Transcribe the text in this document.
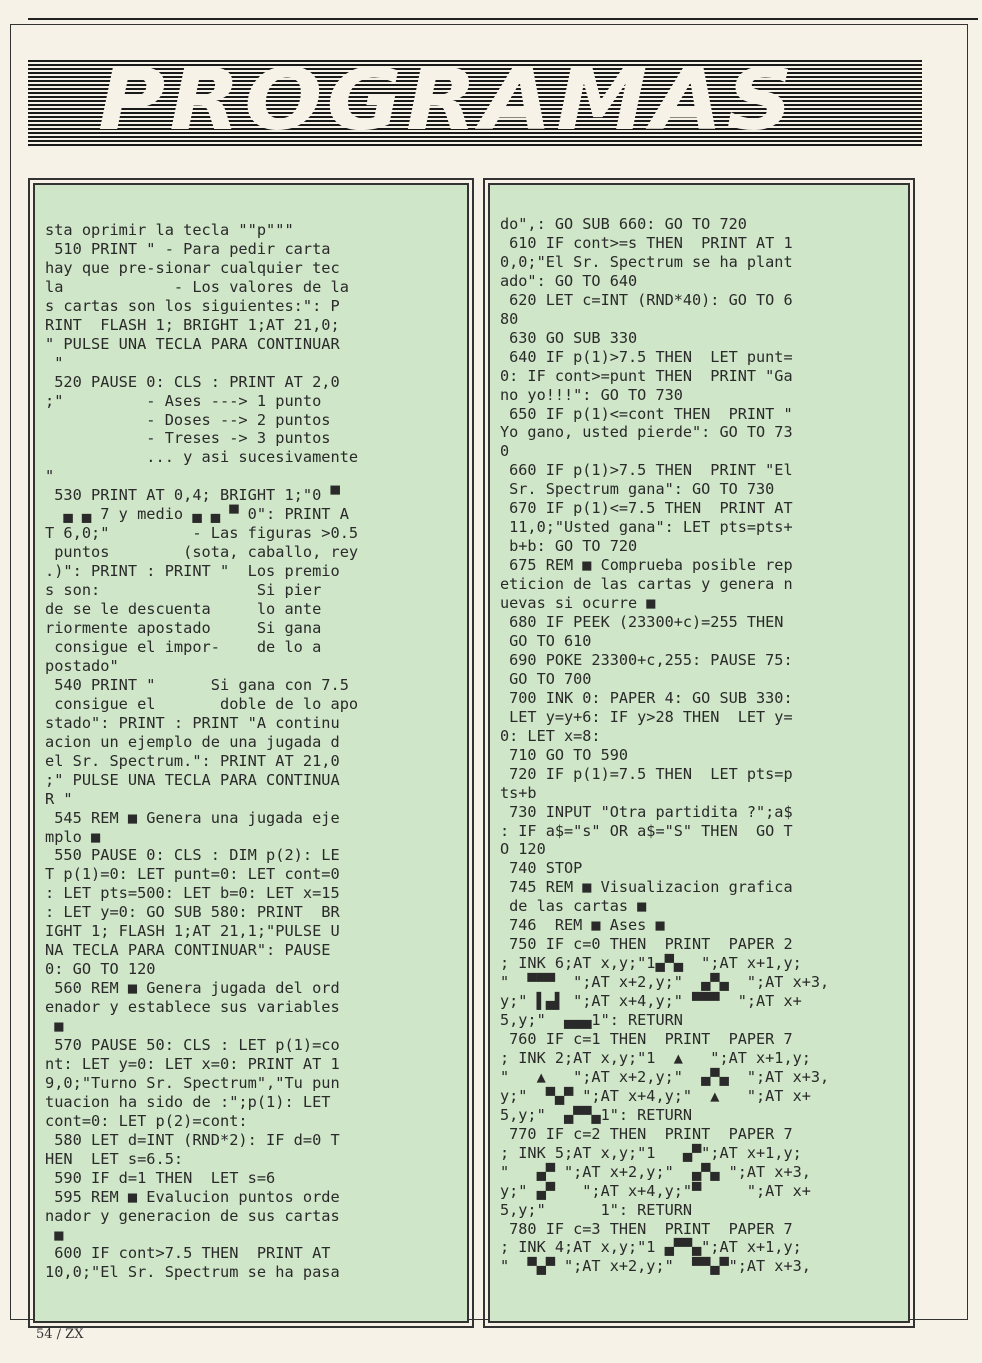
PROGRAMAS
sta oprimir la tecla ""p"""
510 PRINT " - Para pedir carta
hay que pre-sionar cualquier tec
la            - Los valores de la
s cartas son los siguientes:": P
RINT  FLASH 1; BRIGHT 1;AT 21,0;
" PULSE UNA TECLA PARA CONTINUAR
"
520 PAUSE 0: CLS : PRINT AT 2,0
;"         - Ases ---> 1 punto
- Doses --> 2 puntos
- Treses -> 3 puntos
... y asi sucesivamente
"
530 PRINT AT 0,4; BRIGHT 1;"0 ▀
▄ ▄ 7 y medio ▄ ▄ ▀ 0": PRINT A
T 6,0;"         - Las figuras >0.5
puntos        (sota, caballo, rey
.)": PRINT : PRINT "  Los premio
s son:                 Si pier
de se le descuenta     lo ante
riormente apostado     Si gana
consigue el impor-    de lo a
postado"
540 PRINT "      Si gana con 7.5
consigue el       doble de lo apo
stado": PRINT : PRINT "A continu
acion un ejemplo de una jugada d
el Sr. Spectrum.": PRINT AT 21,0
;" PULSE UNA TECLA PARA CONTINUA
R "
545 REM ■ Genera una jugada eje
mplo ■
550 PAUSE 0: CLS : DIM p(2): LE
T p(1)=0: LET punt=0: LET cont=0
: LET pts=500: LET b=0: LET x=15
: LET y=0: GO SUB 580: PRINT  BR
IGHT 1; FLASH 1;AT 21,1;"PULSE U
NA TECLA PARA CONTINUAR": PAUSE
0: GO TO 120
560 REM ■ Genera jugada del ord
enador y establece sus variables
■
570 PAUSE 50: CLS : LET p(1)=co
nt: LET y=0: LET x=0: PRINT AT 1
9,0;"Turno Sr. Spectrum","Tu pun
tuacion ha sido de :";p(1): LET
cont=0: LET p(2)=cont:
580 LET d=INT (RND*2): IF d=0 T
HEN  LET s=6.5:
590 IF d=1 THEN  LET s=6
595 REM ■ Evalucion puntos orde
nador y generacion de sus cartas
■
600 IF cont>7.5 THEN  PRINT AT
10,0;"El Sr. Spectrum se ha pasa
do",: GO SUB 660: GO TO 720
610 IF cont>=s THEN  PRINT AT 1
0,0;"El Sr. Spectrum se ha plant
ado": GO TO 640
620 LET c=INT (RND*40): GO TO 6
80
630 GO SUB 330
640 IF p(1)>7.5 THEN  LET punt=
0: IF cont>=punt THEN  PRINT "Ga
no yo!!!": GO TO 730
650 IF p(1)<=cont THEN  PRINT "
Yo gano, usted pierde": GO TO 73
0
660 IF p(1)>7.5 THEN  PRINT "El
Sr. Spectrum gana": GO TO 730
670 IF p(1)<=7.5 THEN  PRINT AT
11,0;"Usted gana": LET pts=pts+
b+b: GO TO 720
675 REM ■ Comprueba posible rep
eticion de las cartas y genera n
uevas si ocurre ■
680 IF PEEK (23300+c)=255 THEN
GO TO 610
690 POKE 23300+c,255: PAUSE 75:
GO TO 700
700 INK 0: PAPER 4: GO SUB 330:
LET y=y+6: IF y>28 THEN  LET y=
0: LET x=8:
710 GO TO 590
720 IF p(1)=7.5 THEN  LET pts=p
ts+b
730 INPUT "Otra partidita ?";a$
: IF a$="s" OR a$="S" THEN  GO T
O 120
740 STOP
745 REM ■ Visualizacion grafica
de las cartas ■
746  REM ■ Ases ■
750 IF c=0 THEN  PRINT  PAPER 2
; INK 6;AT x,y;"1▄▀▄  ";AT x+1,y;
"  ▀▀▀  ";AT x+2,y;"  ▄▀▄  ";AT x+3,
y;" ▌▄▌ ";AT x+4,y;" ▀▀▀  ";AT x+
5,y;"  ▄▄▄1": RETURN
760 IF c=1 THEN  PRINT  PAPER 7
; INK 2;AT x,y;"1  ▲   ";AT x+1,y;
"   ▲   ";AT x+2,y;"  ▄▀▄  ";AT x+3,
y;"  ▀▄▀ ";AT x+4,y;"  ▲   ";AT x+
5,y;"  ▄▀▀▄1": RETURN
770 IF c=2 THEN  PRINT  PAPER 7
; INK 5;AT x,y;"1   ▄▀";AT x+1,y;
"   ▄▀ ";AT x+2,y;"  ▄▀▄ ";AT x+3,
y;" ▄▀   ";AT x+4,y;"▀     ";AT x+
5,y;"      1": RETURN
780 IF c=3 THEN  PRINT  PAPER 7
; INK 4;AT x,y;"1 ▄▀▀▄";AT x+1,y;
"  ▀▄▀ ";AT x+2,y;"  ▀▀▄▀";AT x+3,
54 / ZX
